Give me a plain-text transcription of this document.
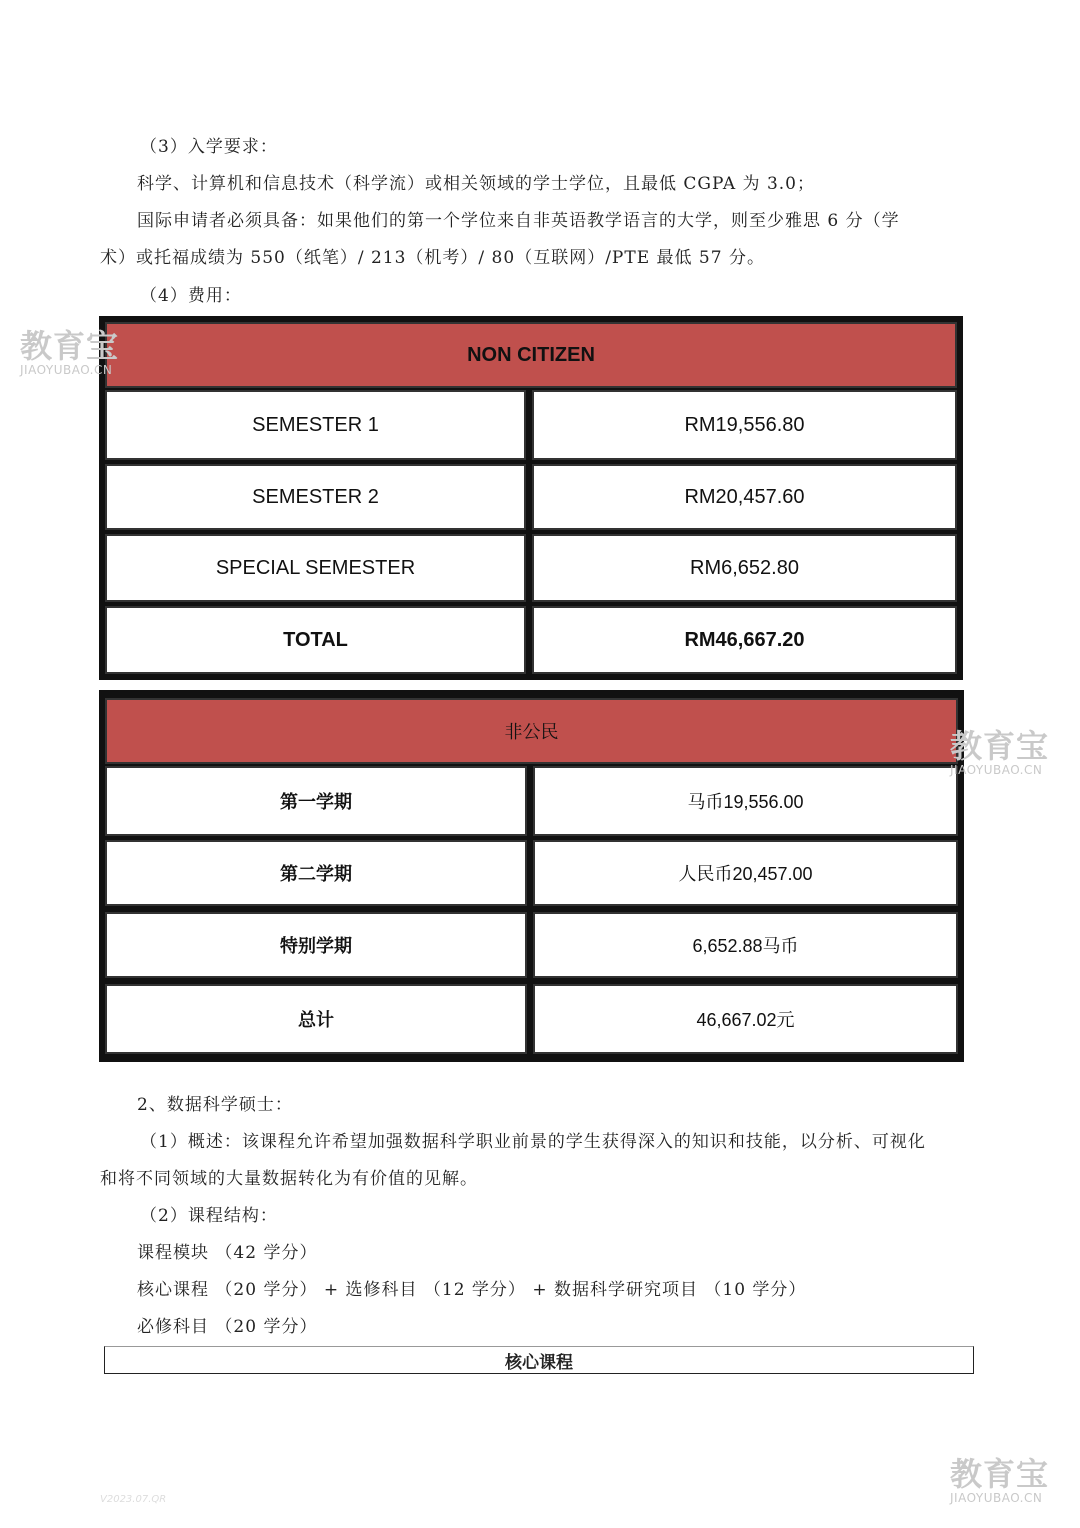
（3）入学要求：
科学、计算机和信息技术（科学流）或相关领域的学士学位，且最低 CGPA 为 3.0；
国际申请者必须具备：如果他们的第一个学位来自非英语教学语言的大学，则至少雅思 6 分（学
术）或托福成绩为 550（纸笔）/ 213（机考）/ 80（互联网）/PTE 最低 57 分。
（4）费用：
NON CITIZEN
SEMESTER 1	RM19,556.80
SEMESTER 2	RM20,457.60
SPECIAL SEMESTER	RM6,652.80
TOTAL	RM46,667.20
非公民
第一学期	马币19,556.00
第二学期	人民币20,457.00
特别学期	6,652.88马币
总计	46,667.02元
2、数据科学硕士：
（1）概述：该课程允许希望加强数据科学职业前景的学生获得深入的知识和技能，以分析、可视化
和将不同领域的大量数据转化为有价值的见解。
（2）课程结构：
课程模块 （42 学分）
核心课程 （20 学分） + 选修科目 （12 学分） + 数据科学研究项目 （10 学分）
必修科目 （20 学分）
核心课程
教育宝
JIAOYUBAO.CN
教育宝
JIAOYUBAO.CN
教育宝
JIAOYUBAO.CN
V2023.07.QR
